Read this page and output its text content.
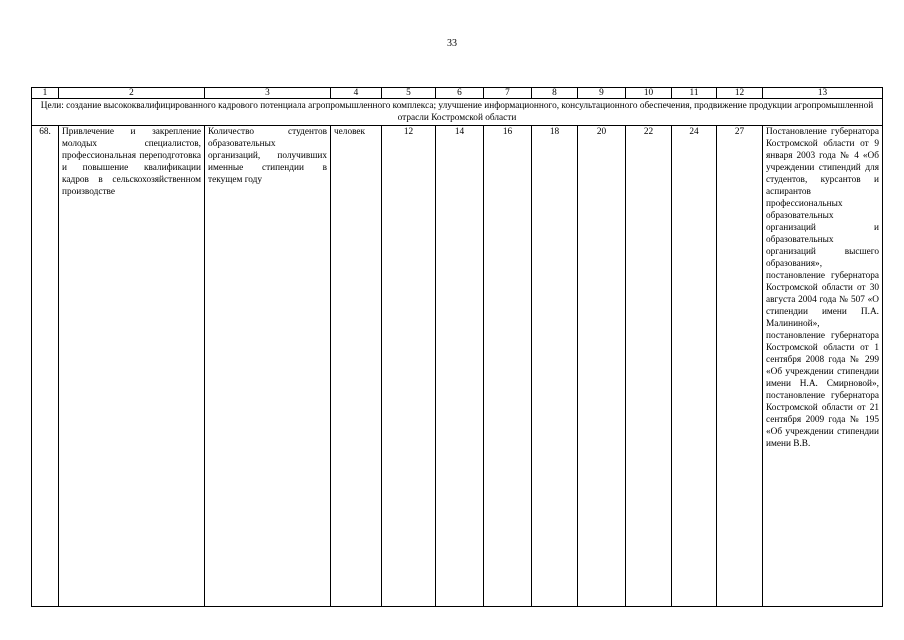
33
1	2	3	4	5	6	7	8	9	10	11	12	13

Цели: создание высококвалифицированного кадрового потенциала агропромышленного комплекса; улучшение информационного, консультационного обеспечения, продвижение продукции агропромышленной отрасли Костромской области												

68.	Привлечение и закрепление молодых специалистов, профессиональная переподготовка и повышение квалификации кадров в сельскохозяйственном производстве	Количество студентов образовательных организаций, получивших именные стипендии в текущем году	человек	12	14	16	18	20	22	24	27	Постановление губернатора Костромской области от 9 января 2003 года № 4 «Об учреждении стипендий для студентов, курсантов и аспирантов профессиональных образовательных организаций и образовательных организаций высшего образования», постановление губернатора Костромской области от 30 августа 2004 года № 507 «О стипендии имени П.А. Малининой», постановление губернатора Костромской области от 1 сентября 2008 года № 299 «Об учреждении стипендии имени Н.А. Смирновой», постановление губернатора Костромской области от 21 сентября 2009 года № 195 «Об учреждении стипендии имени В.В.
